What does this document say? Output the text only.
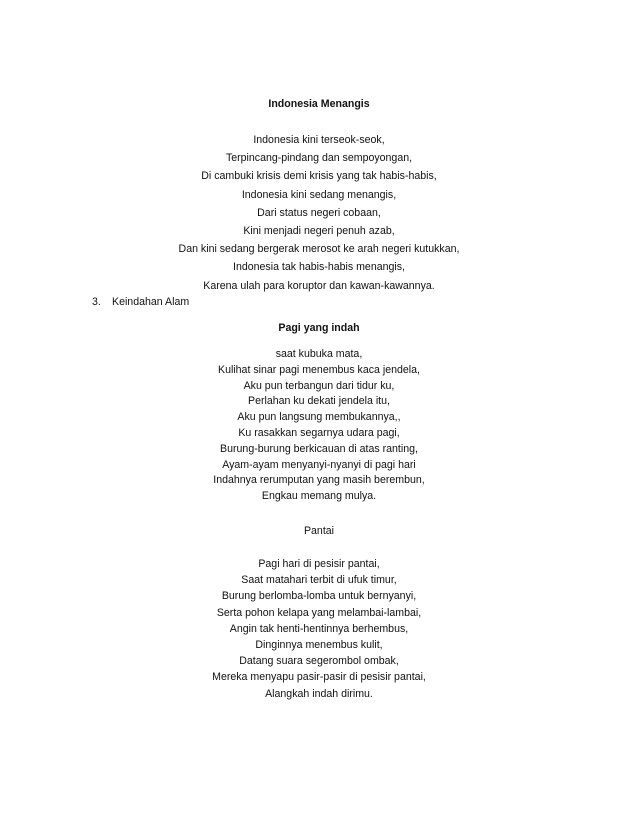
Indonesia Menangis
Indonesia kini terseok-seok,
Terpincang-pindang dan sempoyongan,
Di cambuki krisis demi krisis yang tak habis-habis,
Indonesia kini sedang menangis,
Dari status negeri cobaan,
Kini menjadi negeri penuh azab,
Dan kini sedang bergerak merosot ke arah negeri kutukkan,
Indonesia tak habis-habis menangis,
Karena ulah para koruptor dan kawan-kawannya.
3. Keindahan Alam
Pagi yang indah
saat kubuka mata,
Kulihat sinar pagi menembus kaca jendela,
Aku pun terbangun dari tidur ku,
Perlahan ku dekati jendela itu,
Aku pun langsung membukannya,,
Ku rasakkan segarnya udara pagi,
Burung-burung berkicauan di atas ranting,
Ayam-ayam menyanyi-nyanyi di pagi hari
Indahnya rerumputan yang masih berembun,
Engkau memang mulya.
Pantai
Pagi hari di pesisir pantai,
Saat matahari terbit di ufuk timur,
Burung berlomba-lomba untuk bernyanyi,
Serta pohon kelapa yang melambai-lambai,
Angin tak henti-hentinnya berhembus,
Dinginnya menembus kulit,
Datang suara segerombol ombak,
Mereka menyapu pasir-pasir di pesisir pantai,
Alangkah indah dirimu.
